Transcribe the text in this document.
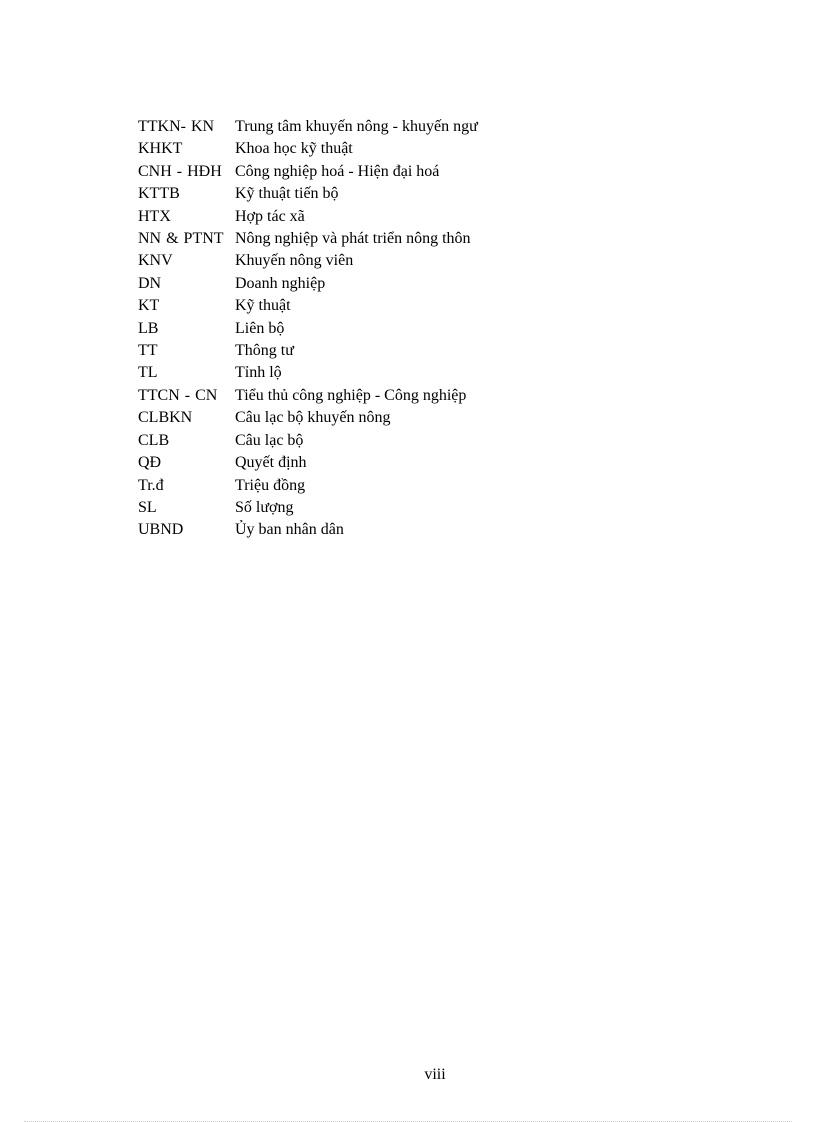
TTKN- KN	Trung tâm khuyến nông - khuyến ngư
KHKT	Khoa học kỹ thuật
CNH - HĐH	Công nghiệp hoá - Hiện đại hoá
KTTB	Kỹ thuật tiến bộ
HTX	Hợp tác xã
NN & PTNT	Nông nghiệp và phát triển nông thôn
KNV	Khuyến nông viên
DN	Doanh nghiệp
KT	Kỹ thuật
LB	Liên bộ
TT	Thông tư
TL	Tỉnh lộ
TTCN - CN	Tiểu thủ công nghiệp - Công nghiệp
CLBKN	Câu lạc bộ khuyến nông
CLB	Câu lạc bộ
QĐ	Quyết định
Tr.đ	Triệu đồng
SL	Số lượng
UBND	Ủy ban nhân dân
viii
